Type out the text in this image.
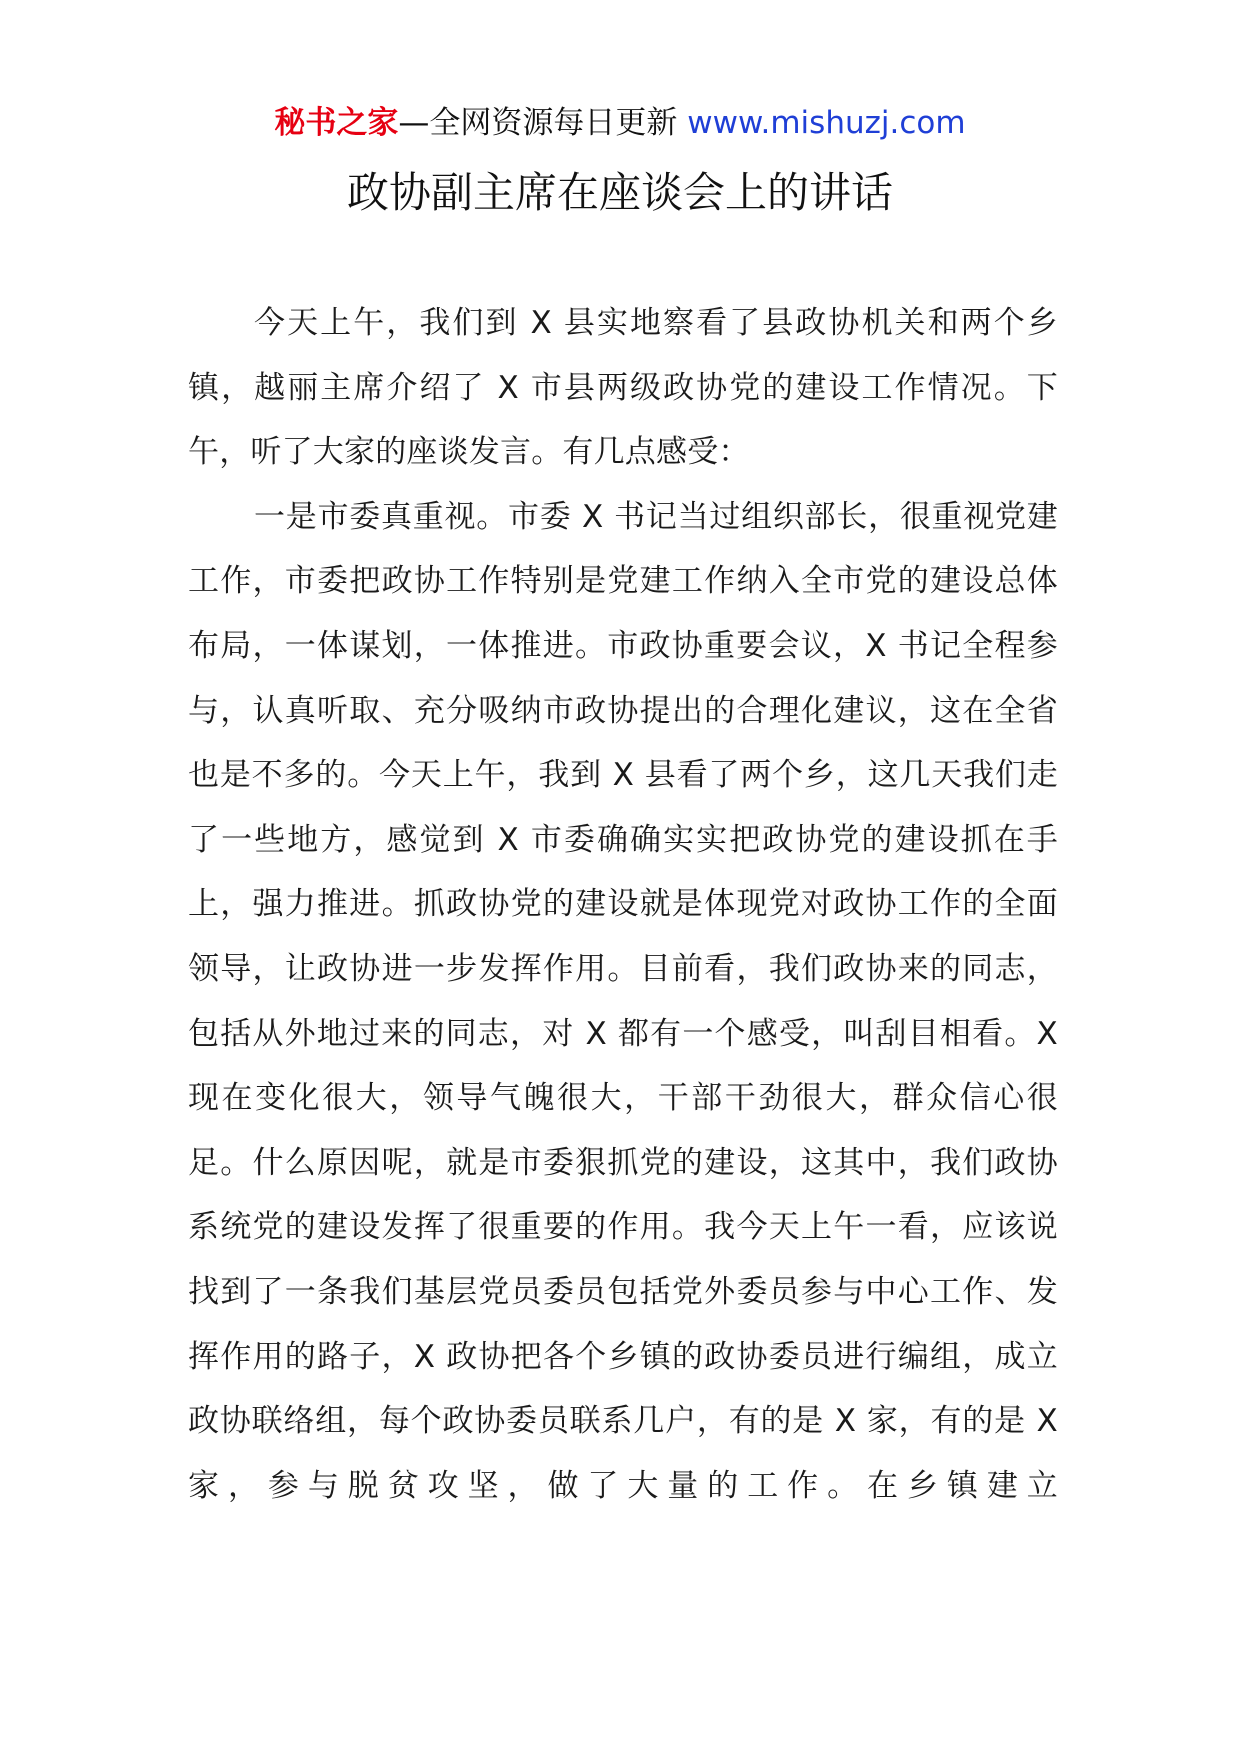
秘书之家—全网资源每日更新 www.mishuzj.com
政协副主席在座谈会上的讲话

今天上午，我们到 X 县实地察看了县政协机关和两个乡镇，越丽主席介绍了 X 市县两级政协党的建设工作情况。下午，听了大家的座谈发言。有几点感受：

一是市委真重视。市委 X 书记当过组织部长，很重视党建工作，市委把政协工作特别是党建工作纳入全市党的建设总体布局，一体谋划，一体推进。市政协重要会议，X 书记全程参与，认真听取、充分吸纳市政协提出的合理化建议，这在全省也是不多的。今天上午，我到 X 县看了两个乡，这几天我们走了一些地方，感觉到 X 市委确确实实把政协党的建设抓在手上，强力推进。抓政协党的建设就是体现党对政协工作的全面领导，让政协进一步发挥作用。目前看，我们政协来的同志，包括从外地过来的同志，对 X 都有一个感受，叫刮目相看。X 现在变化很大，领导气魄很大，干部干劲很大，群众信心很足。什么原因呢，就是市委狠抓党的建设，这其中，我们政协系统党的建设发挥了很重要的作用。我今天上午一看，应该说找到了一条我们基层党员委员包括党外委员参与中心工作、发挥作用的路子，X 政协把各个乡镇的政协委员进行编组，成立政协联络组，每个政协委员联系几户，有的是 X 家，有的是 X 家，参与脱贫攻坚，做了大量的工作。在乡镇建立
